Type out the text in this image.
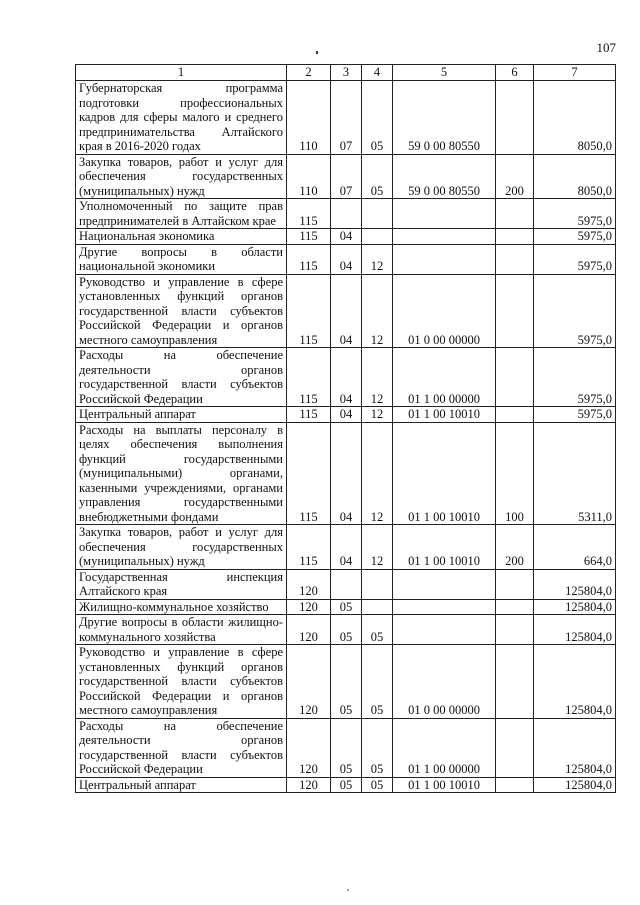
107
1	2	3	4	5	6	7
Губернаторская программа подготовки профессиональных кадров для сферы малого и среднего предпринимательства Алтайского края в 2016-2020 годах	110	07	05	59 0 00 80550		8050,0
Закупка товаров, работ и услуг для обеспечения государственных (муниципальных) нужд	110	07	05	59 0 00 80550	200	8050,0
Уполномоченный по защите прав предпринимателей в Алтайском крае	115					5975,0
Национальная экономика	115	04				5975,0
Другие вопросы в области национальной экономики	115	04	12			5975,0
Руководство и управление в сфере установленных функций органов государственной власти субъектов Российской Федерации и органов местного самоуправления	115	04	12	01 0 00 00000		5975,0
Расходы на обеспечение деятельности органов государственной власти субъектов Российской Федерации	115	04	12	01 1 00 00000		5975,0
Центральный аппарат	115	04	12	01 1 00 10010		5975,0
Расходы на выплаты персоналу в целях обеспечения выполнения функций государственными (муниципальными) органами, казенными учреждениями, органами управления государственными внебюджетными фондами	115	04	12	01 1 00 10010	100	5311,0
Закупка товаров, работ и услуг для обеспечения государственных (муниципальных) нужд	115	04	12	01 1 00 10010	200	664,0
Государственная инспекция Алтайского края	120					125804,0
Жилищно-коммунальное хозяйство	120	05				125804,0
Другие вопросы в области жилищно-коммунального хозяйства	120	05	05			125804,0
Руководство и управление в сфере установленных функций органов государственной власти субъектов Российской Федерации и органов местного самоуправления	120	05	05	01 0 00 00000		125804,0
Расходы на обеспечение деятельности органов государственной власти субъектов Российской Федерации	120	05	05	01 1 00 00000		125804,0
Центральный аппарат	120	05	05	01 1 00 10010		125804,0
